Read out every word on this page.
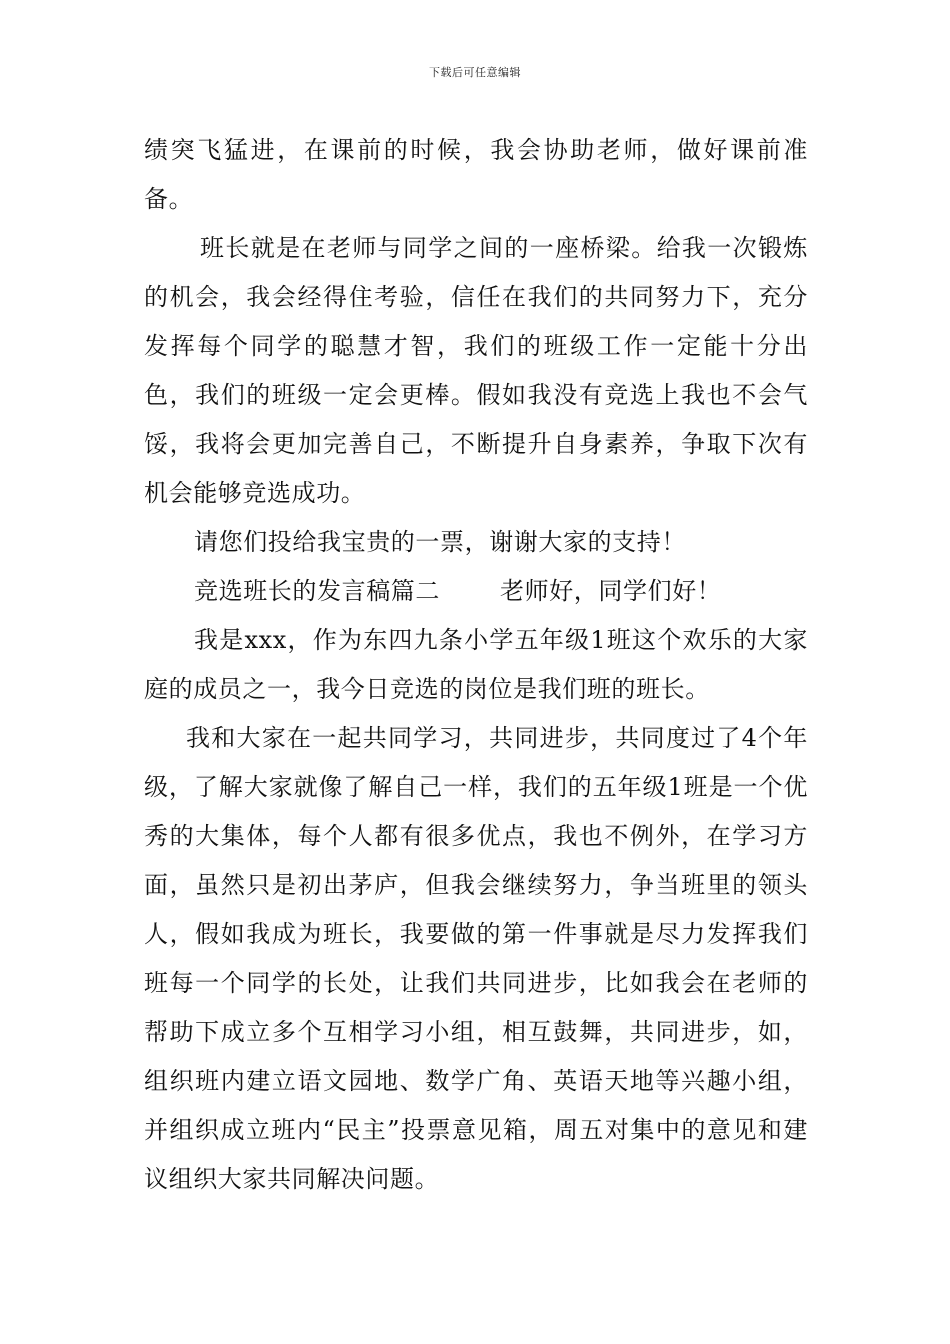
下载后可任意编辑

绩突飞猛进，在课前的时候，我会协助老师，做好课前准备。

班长就是在老师与同学之间的一座桥梁。给我一次锻炼的机会，我会经得住考验，信任在我们的共同努力下，充分发挥每个同学的聪慧才智，我们的班级工作一定能十分出色，我们的班级一定会更棒。假如我没有竞选上我也不会气馁，我将会更加完善自己，不断提升自身素养，争取下次有机会能够竞选成功。

请您们投给我宝贵的一票，谢谢大家的支持！

竞选班长的发言稿篇二	老师好，同学们好！

我是xxx，作为东四九条小学五年级1班这个欢乐的大家庭的成员之一，我今日竞选的岗位是我们班的班长。

我和大家在一起共同学习，共同进步，共同度过了4个年级，了解大家就像了解自己一样，我们的五年级1班是一个优秀的大集体，每个人都有很多优点，我也不例外，在学习方面，虽然只是初出茅庐，但我会继续努力，争当班里的领头人，假如我成为班长，我要做的第一件事就是尽力发挥我们班每一个同学的长处，让我们共同进步，比如我会在老师的帮助下成立多个互相学习小组，相互鼓舞，共同进步，如，组织班内建立语文园地、数学广角、英语天地等兴趣小组，并组织成立班内“民主”投票意见箱，周五对集中的意见和建议组织大家共同解决问题。
